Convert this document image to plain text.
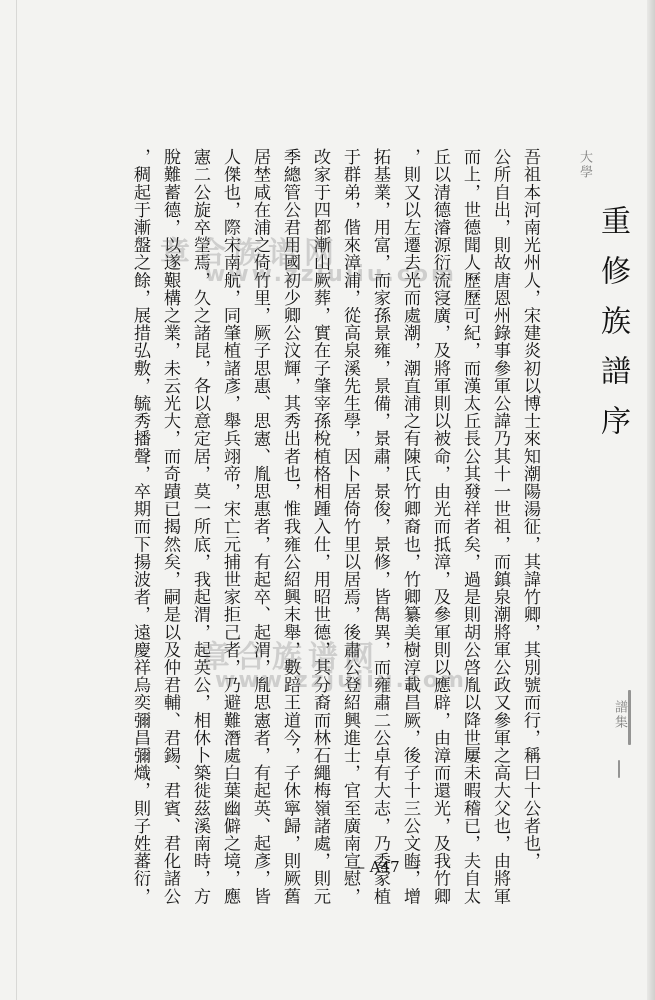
大學
譜集
重修族譜序
吾祖本河南光州人，宋建炎初以博士來知潮陽湯征，其諱竹卿，其別號而行，稱曰十公者也，
公所自出，則故唐恩州錄事參軍公諱乃其十一世祖，而鎮泉潮將軍公政又參軍之高大父也，由將軍
而上，世德聞人歷歷可紀，而漢太丘長公其發祥者矣，過是則胡公啓胤以降世屢未暇稽已，夫自太
丘以清德濬源衍流寖廣，及將軍則以被命，由光而抵漳，及參軍則以應辟，由漳而還光，及我竹卿
，則又以左遷去光而處潮，潮直浦之有陳氏竹卿裔也，竹卿纂美樹淳載昌厥，後子十三公文晦，增
拓基業，用富，而家孫景雍，景備，景肅，景俊，景修，皆雋異，而雍肅二公卓有大志，乃委家植
于群弟，偕來漳浦，從高泉溪先生學，因卜居倚竹里以居焉，後肅公登紹興進士，官至廣南宣慰，
改家于四都漸山厥葬，實在子肇宰孫梲植格相踵入仕，用昭世德，其分裔而林石繩梅嶺諸處，則元
季總管公君用國初少卿公汶輝，其秀出者也，惟我雍公紹興末舉，數踣王道今，子休寧歸，則厥舊
居埜咸在浦之倚竹里，厥子思惠、思憲、胤思惠者，有起卒、起渭，胤思憲者，有起英、起彥，皆
人傑也，際宋南航，同肇植諸彥，舉兵翊帝，宋亡元捕世家拒己者，乃避難潛處白葉幽僻之境，應
憲二公旋卒塋焉，久之諸昆，各以意定居，莫一所底，我起渭，起英公，相休卜築徙茲溪南時，方
脫難蓄德，以遂艱構之業，未云光大，而奇蹟已揭然矣，嗣是以及仲君輔、君錫、君賓、君化諸公
，稠起于漸盤之餘，展措弘敷，毓秀播聲，卒期而下揚波者，遠慶祥烏奕彌昌彌熾，則子姓蕃衍， 章合族谱网
www.zzjujiu.com
章合族谱网
www.zzjujiu.com
— A47 —
